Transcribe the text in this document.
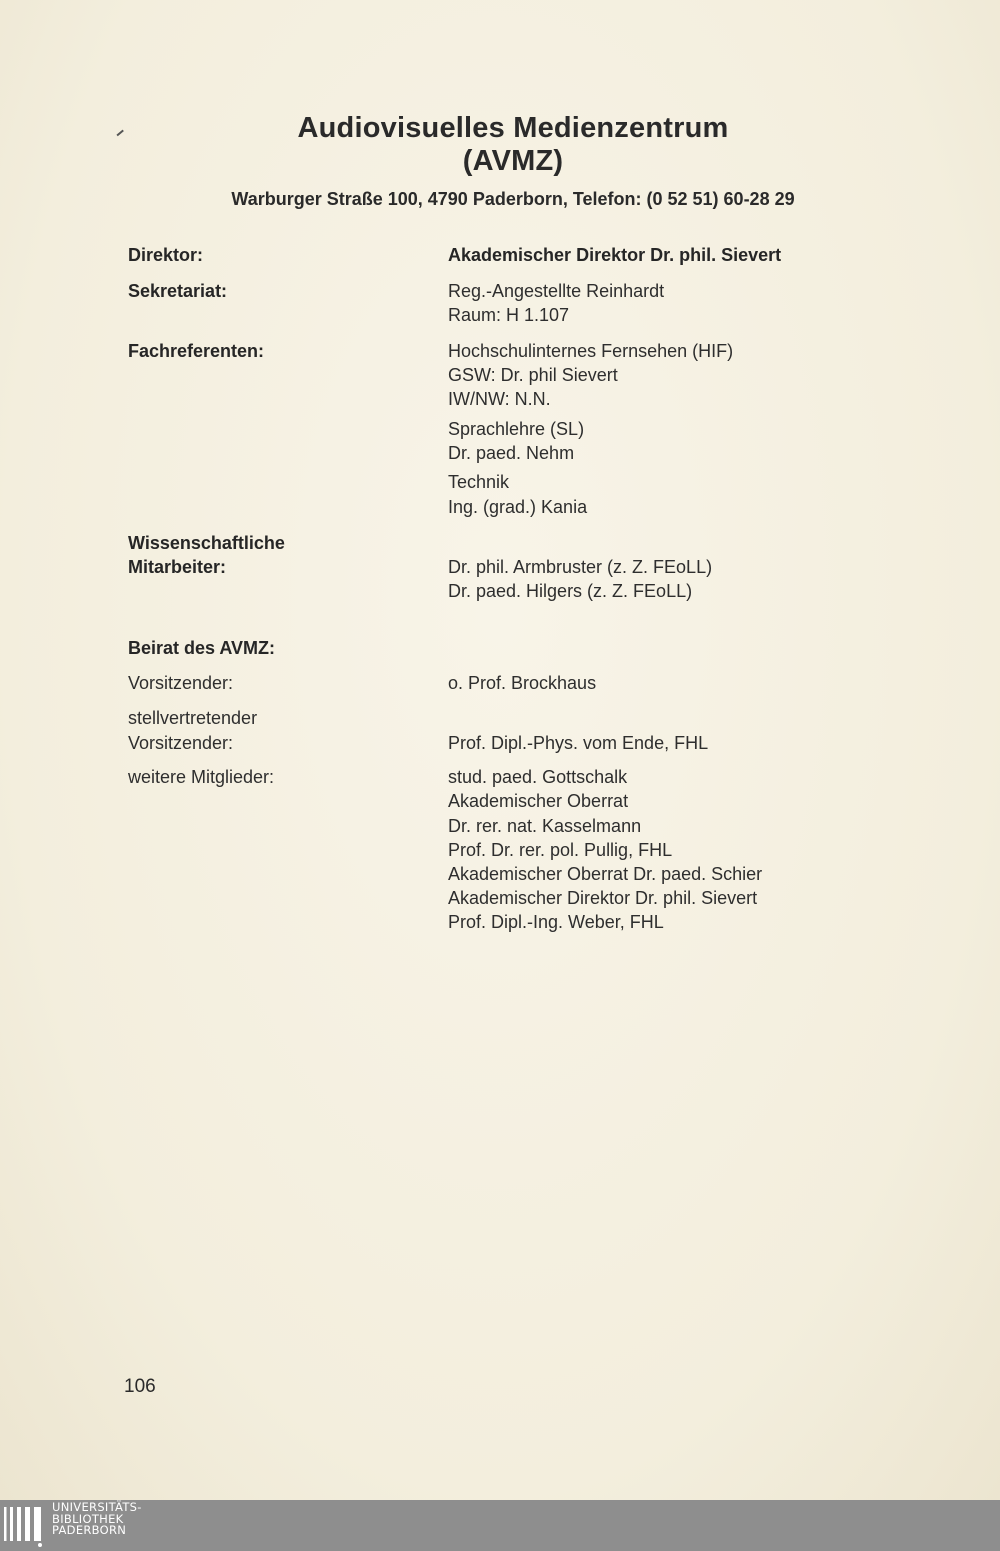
Audiovisuelles Medienzentrum
(AVMZ)
Warburger Straße 100, 4790 Paderborn, Telefon: (0 52 51) 60-28 29
Direktor:	Akademischer Direktor Dr. phil. Sievert
Sekretariat:	Reg.-Angestellte Reinhardt
Raum: H 1.107
Fachreferenten:	Hochschulinternes Fernsehen (HIF)
GSW: Dr. phil Sievert
IW/NW: N.N.
Sprachlehre (SL)
Dr. paed. Nehm
Technik
Ing. (grad.) Kania
Wissenschaftliche
Mitarbeiter:	Dr. phil. Armbruster (z. Z. FEoLL)
Dr. paed. Hilgers (z. Z. FEoLL)
Beirat des AVMZ:
Vorsitzender:	o. Prof. Brockhaus
stellvertretender
Vorsitzender:	Prof. Dipl.-Phys. vom Ende, FHL
weitere Mitglieder:	stud. paed. Gottschalk
Akademischer Oberrat
Dr. rer. nat. Kasselmann
Prof. Dr. rer. pol. Pullig, FHL
Akademischer Oberrat Dr. paed. Schier
Akademischer Direktor Dr. phil. Sievert
Prof. Dipl.-Ing. Weber, FHL
106
UNIVERSITÄTS-
BIBLIOTHEK
PADERBORN
